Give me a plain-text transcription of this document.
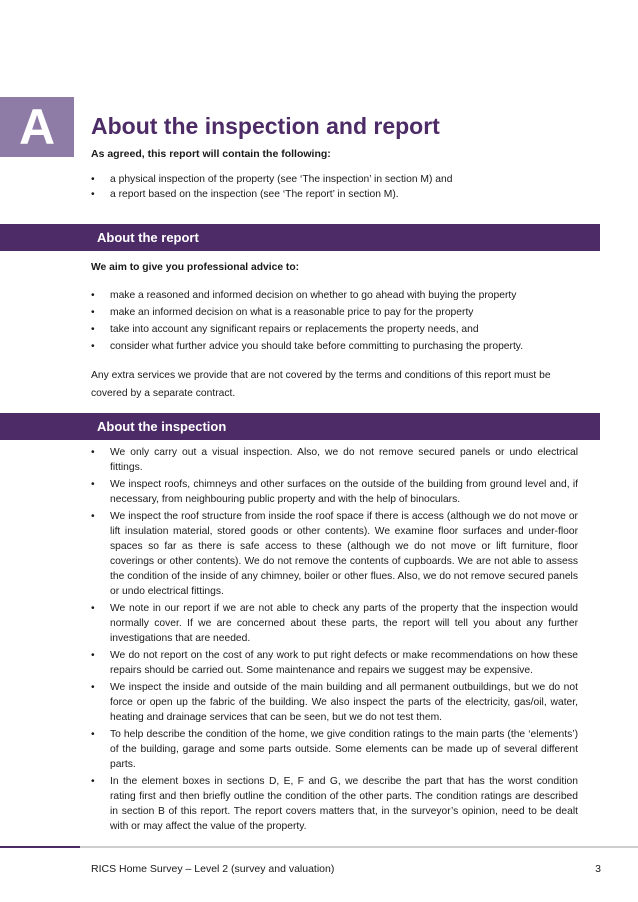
A	About the inspection and report

As agreed, this report will contain the following:

• a physical inspection of the property (see ‘The inspection’ in section M) and
• a report based on the inspection (see ‘The report’ in section M).
About the report

We aim to give you professional advice to:

• make a reasoned and informed decision on whether to go ahead with buying the property
• make an informed decision on what is a reasonable price to pay for the property
• take into account any significant repairs or replacements the property needs, and
• consider what further advice you should take before committing to purchasing the property.

Any extra services we provide that are not covered by the terms and conditions of this report must be covered by a separate contract.

About the inspection
• We only carry out a visual inspection. Also, we do not remove secured panels or undo electrical fittings.
• We inspect roofs, chimneys and other surfaces on the outside of the building from ground level and, if necessary, from neighbouring public property and with the help of binoculars.
• We inspect the roof structure from inside the roof space if there is access (although we do not move or lift insulation material, stored goods or other contents). We examine floor surfaces and under-floor spaces so far as there is safe access to these (although we do not move or lift furniture, floor coverings or other contents). We do not remove the contents of cupboards. We are not able to assess the condition of the inside of any chimney, boiler or other flues. Also, we do not remove secured panels or undo electrical fittings.
• We note in our report if we are not able to check any parts of the property that the inspection would normally cover. If we are concerned about these parts, the report will tell you about any further investigations that are needed.
• We do not report on the cost of any work to put right defects or make recommendations on how these repairs should be carried out. Some maintenance and repairs we suggest may be expensive.
• We inspect the inside and outside of the main building and all permanent outbuildings, but we do not force or open up the fabric of the building. We also inspect the parts of the electricity, gas/oil, water, heating and drainage services that can be seen, but we do not test them.
• To help describe the condition of the home, we give condition ratings to the main parts (the ‘elements’) of the building, garage and some parts outside. Some elements can be made up of several different parts.
• In the element boxes in sections D, E, F and G, we describe the part that has the worst condition rating first and then briefly outline the condition of the other parts. The condition ratings are described in section B of this report. The report covers matters that, in the surveyor’s opinion, need to be dealt with or may affect the value of the property.
RICS Home Survey – Level 2 (survey and valuation)	3
